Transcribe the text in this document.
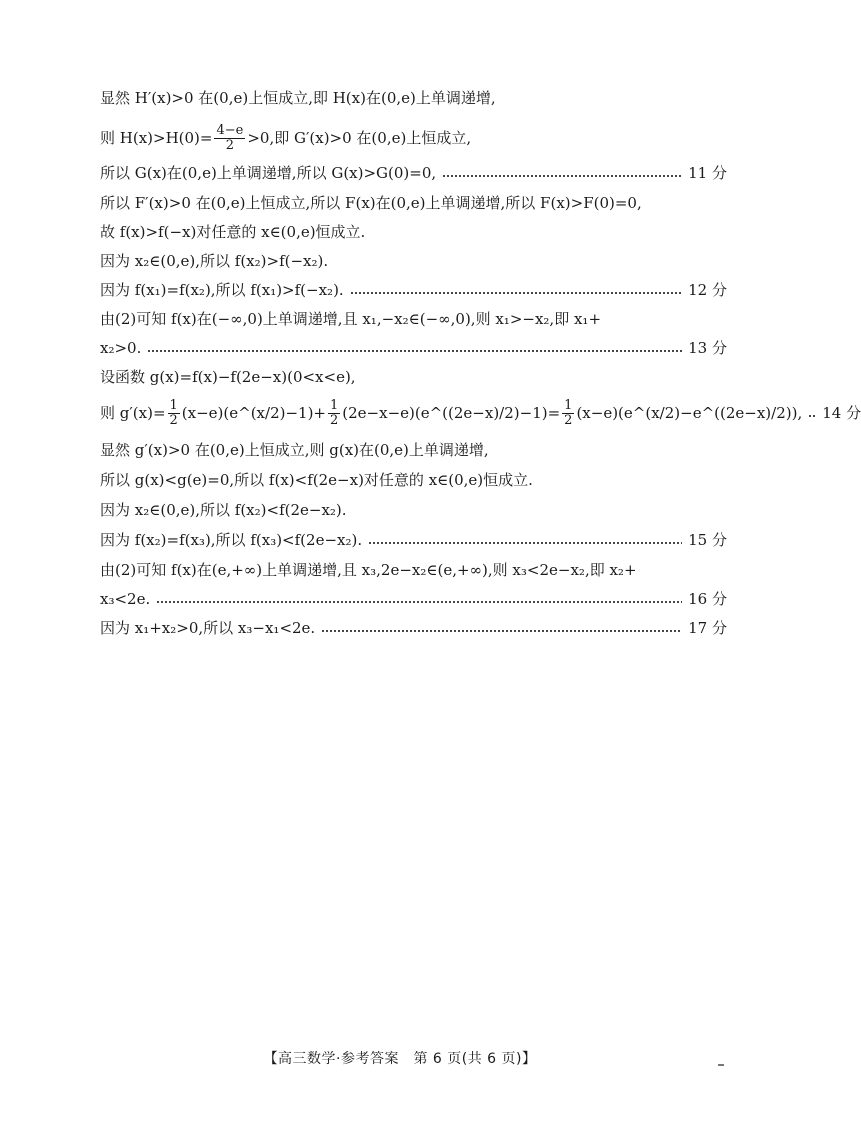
显然 H′(x)>0 在(0,e)上恒成立,即 H(x)在(0,e)上单调递增,
则 $H(x)>H(0)= \frac{4-e}{2} >0$,即 G′(x)>0 在(0,e)上恒成立,
所以 G(x)在(0,e)上单调递增,所以 G(x)>G(0)=0,	11 分
所以 F′(x)>0 在(0,e)上恒成立,所以 F(x)在(0,e)上单调递增,所以 F(x)>F(0)=0,
故 f(x)>f(−x)对任意的 x∈(0,e)恒成立.
因为 x₂∈(0,e),所以 f(x₂)>f(−x₂).
因为 f(x₁)=f(x₂),所以 f(x₁)>f(−x₂).	12 分
由(2)可知 f(x)在(−∞,0)上单调递增,且 x₁,−x₂∈(−∞,0),则 x₁>−x₂,即 x₁+
x₂>0.	13 分
设函数 g(x)=f(x)−f(2e−x)(0<x<e),
则 $g'(x)= \frac{1}{2}$ (x−e)(e^(x/2)−1)+ $\frac{1}{2}$ (2e−x−e)(e^((2e−x)/2)−1)= $\frac{1}{2}$ (x−e)(e^(x/2)−e^((2e−x)/2)), 14 分
显然 g′(x)>0 在(0,e)上恒成立,则 g(x)在(0,e)上单调递增,
所以 g(x)<g(e)=0,所以 f(x)<f(2e−x)对任意的 x∈(0,e)恒成立.
因为 x₂∈(0,e),所以 f(x₂)<f(2e−x₂).
因为 f(x₂)=f(x₃),所以 f(x₃)<f(2e−x₂).	15 分
由(2)可知 f(x)在(e,+∞)上单调递增,且 x₃,2e−x₂∈(e,+∞),则 x₃<2e−x₂,即 x₂+
x₃<2e.	16 分
因为 x₁+x₂>0,所以 x₃−x₁<2e.	17 分
【高三数学·参考答案　第 6 页(共 6 页)】
